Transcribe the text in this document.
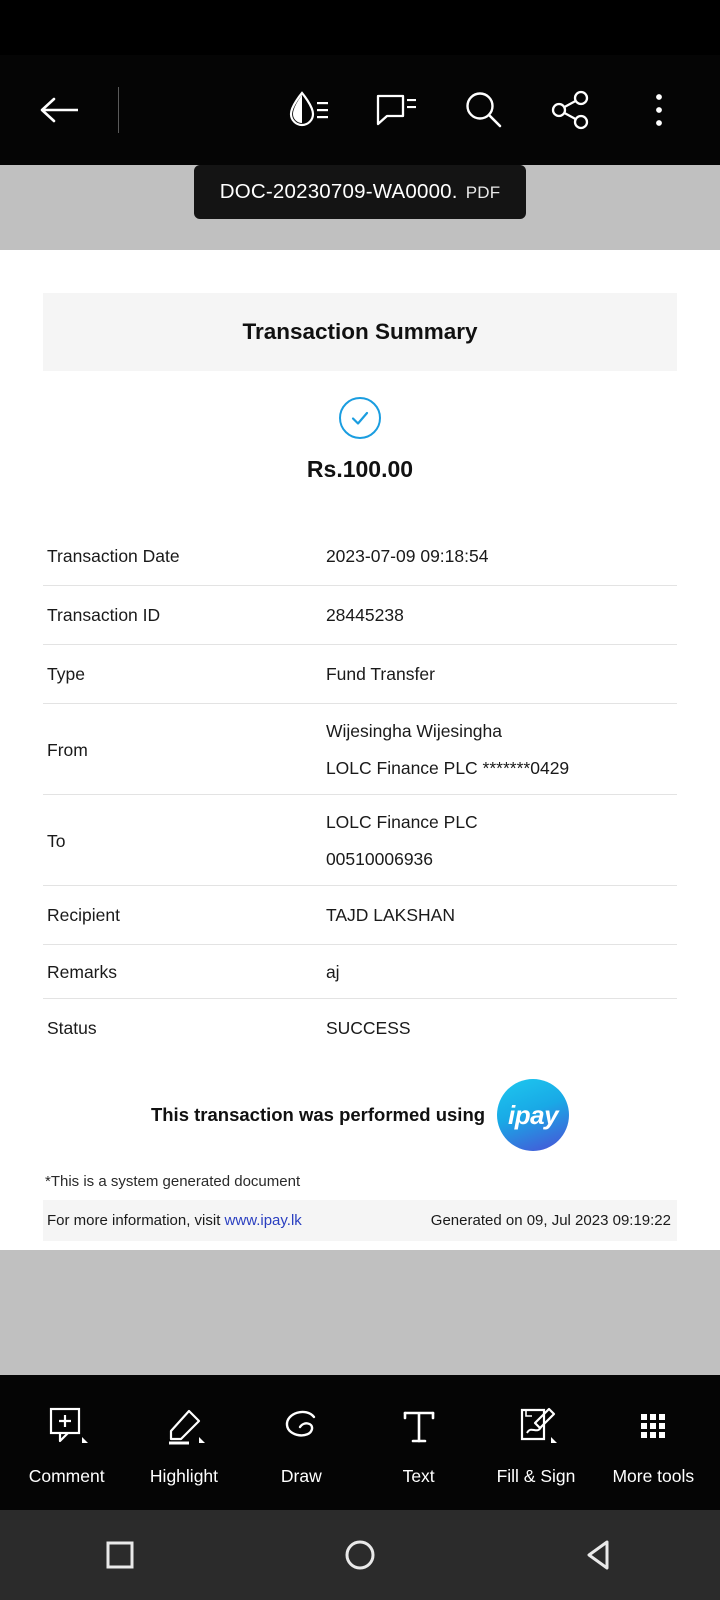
DOC-20230709-WA0000. PDF
Transaction Summary
Rs.100.00
Transaction Date	2023-07-09 09:18:54
Transaction ID	28445238
Type	Fund Transfer
From	Wijesingha Wijesingha
LOLC Finance PLC *******0429

To	LOLC Finance PLC
00510006936

Recipient	TAJD LAKSHAN
Remarks	aj
Status	SUCCESS
This transaction was performed using ipay
*This is a system generated document
For more information, visit www.ipay.lk	Generated on 09, Jul 2023 09:19:22
Comment	Highlight	Draw	Text	Fill & Sign More tools
